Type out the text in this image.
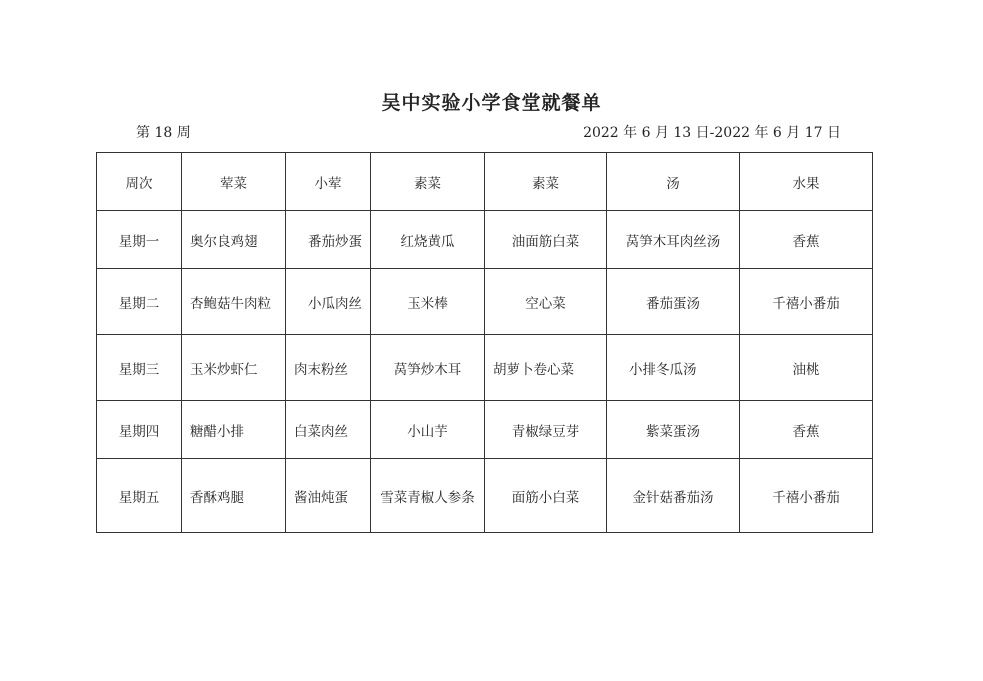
吴中实验小学食堂就餐单
第 18 周	2022 年 6 月 13 日-2022 年 6 月 17 日
周次	荤菜	小荤	素菜	素菜	汤	水果
星期一	奥尔良鸡翅	番茄炒蛋	红烧黄瓜	油面筋白菜	莴笋木耳肉丝汤	香蕉
星期二	杏鲍菇牛肉粒	小瓜肉丝	玉米棒	空心菜	番茄蛋汤	千禧小番茄
星期三	玉米炒虾仁	肉末粉丝	莴笋炒木耳	胡萝卜卷心菜	小排冬瓜汤	油桃
星期四	糖醋小排	白菜肉丝	小山芋	青椒绿豆芽	紫菜蛋汤	香蕉
星期五	香酥鸡腿	酱油炖蛋	雪菜青椒人参条	面筋小白菜	金针菇番茄汤	千禧小番茄
